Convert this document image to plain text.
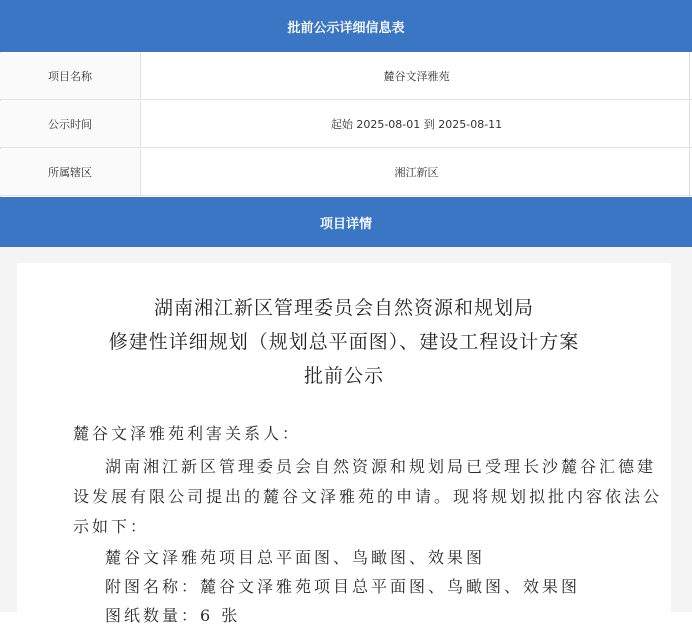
批前公示详细信息表
项目名称	麓谷文泽雅苑
公示时间	起始 2025-08-01 到 2025-08-11
所属辖区	湘江新区
项目详情
湖南湘江新区管理委员会自然资源和规划局
修建性详细规划（规划总平面图）、建设工程设计方案
批前公示
麓谷文泽雅苑利害关系人：
湖南湘江新区管理委员会自然资源和规划局已受理长沙麓谷汇德建
设发展有限公司提出的麓谷文泽雅苑的申请。现将规划拟批内容依法公
示如下：
麓谷文泽雅苑项目总平面图、鸟瞰图、效果图
附图名称：麓谷文泽雅苑项目总平面图、鸟瞰图、效果图
图纸数量：6 张
